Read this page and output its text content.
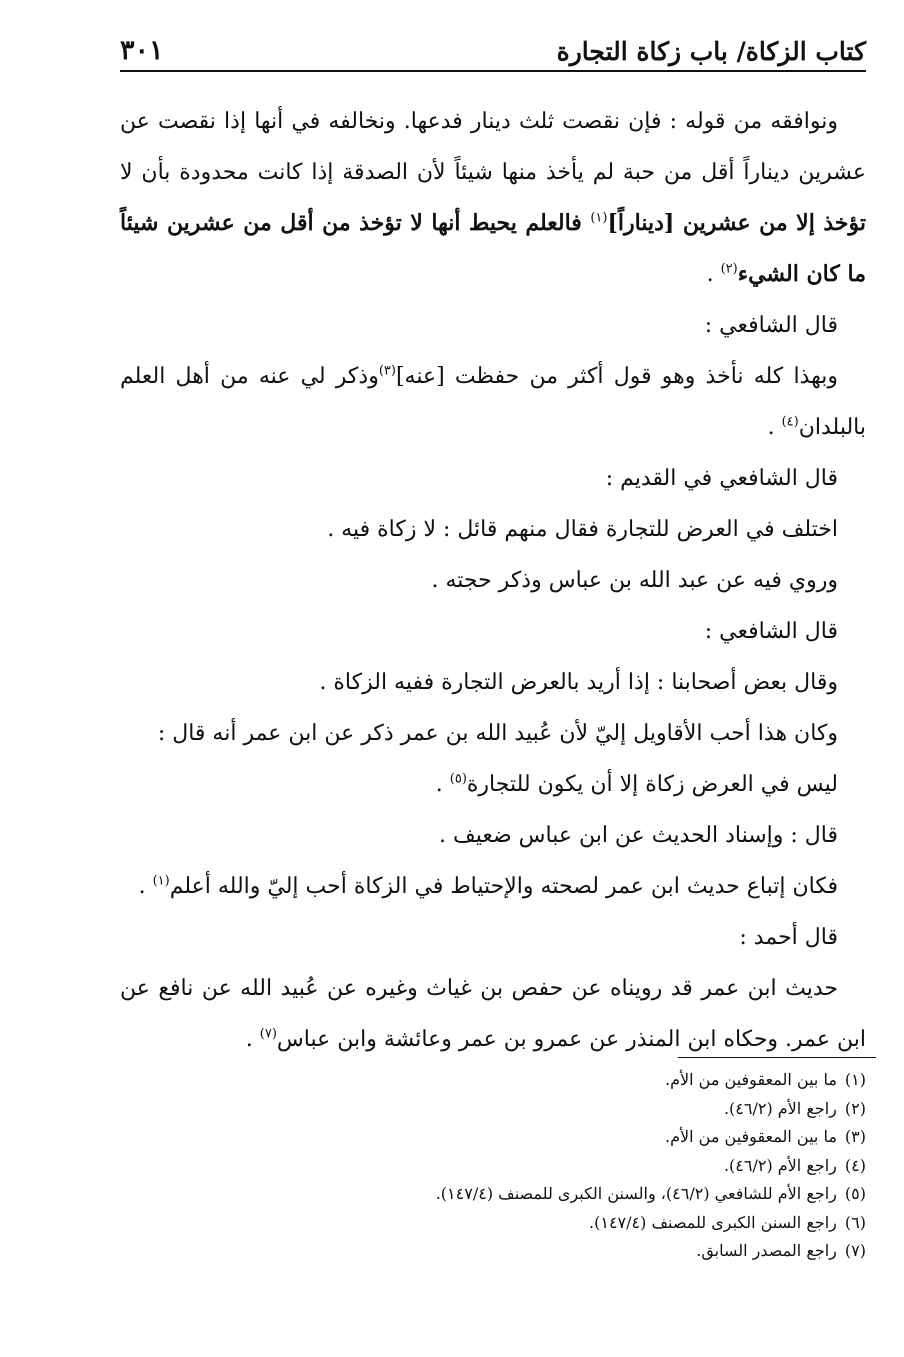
كتاب الزكاة/ باب زكاة التجارة
٣٠١

ونوافقه من قوله : فإن نقصت ثلث دينار فدعها. ونخالفه في أنها إذا نقصت عن عشرين ديناراً أقل من حبة لم يأخذ منها شيئاً لأن الصدقة إذا كانت محدودة بأن لا تؤخذ إلا من عشرين [ديناراً]$^{(١)}$ فالعلم يحيط أنها لا تؤخذ من أقل من عشرين شيئاً ما كان الشيء$^{(٢)}$ .

قال الشافعي :

وبهذا كله نأخذ وهو قول أكثر من حفظت [عنه]$^{(٣)}$وذكر لي عنه من أهل العلم بالبلدان$^{(٤)}$ .

قال الشافعي في القديم :

اختلف في العرض للتجارة فقال منهم قائل : لا زكاة فيه .

وروي فيه عن عبد الله بن عباس وذكر حجته .

قال الشافعي :

وقال بعض أصحابنا : إذا أريد بالعرض التجارة ففيه الزكاة .

وكان هذا أحب الأقاويل إليّ لأن عُبيد الله بن عمر ذكر عن ابن عمر أنه قال :

ليس في العرض زكاة إلا أن يكون للتجارة$^{(٥)}$ .

قال : وإسناد الحديث عن ابن عباس ضعيف .

فكان إتباع حديث ابن عمر لصحته والإحتياط في الزكاة أحب إليّ والله أعلم$^{(١)}$ .

قال أحمد :

حديث ابن عمر قد رويناه عن حفص بن غياث وغيره عن عُبيد الله عن نافع عن ابن عمر. وحكاه ابن المنذر عن عمرو بن عمر وعائشة وابن عباس$^{(٧)}$ .

(١)ما بين المعقوفين من الأم.

(٢)راجع الأم (٤٦/٢).

(٣)ما بين المعقوفين من الأم.

(٤)راجع الأم (٤٦/٢).

(٥)راجع الأم للشافعي (٤٦/٢)، والسنن الكبرى للمصنف (١٤٧/٤).

(٦)راجع السنن الكبرى للمصنف (١٤٧/٤).

(٧)راجع المصدر السابق.
